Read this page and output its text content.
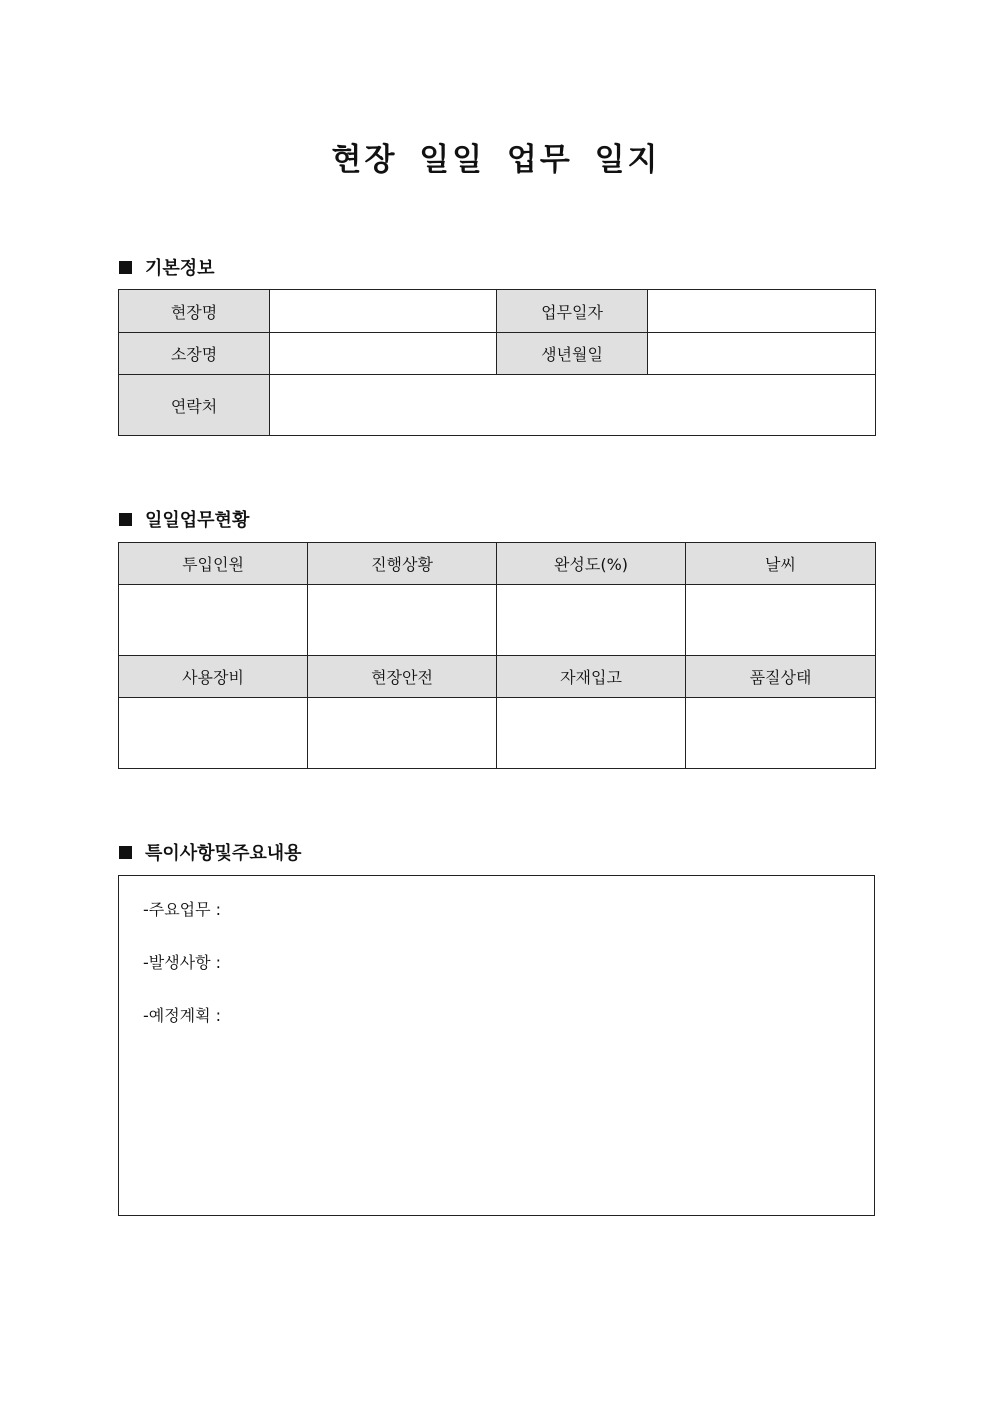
현장 일일 업무 일지
기본정보
현장명		업무일자	
소장명		생년월일	
연락처			
일일업무현황
투입인원	진행상황	완성도(%)	날씨

사용장비	현장안전	자재입고	품질상태

특이사항및주요내용
-주요업무 :
-발생사항 :
-예정계획 :
